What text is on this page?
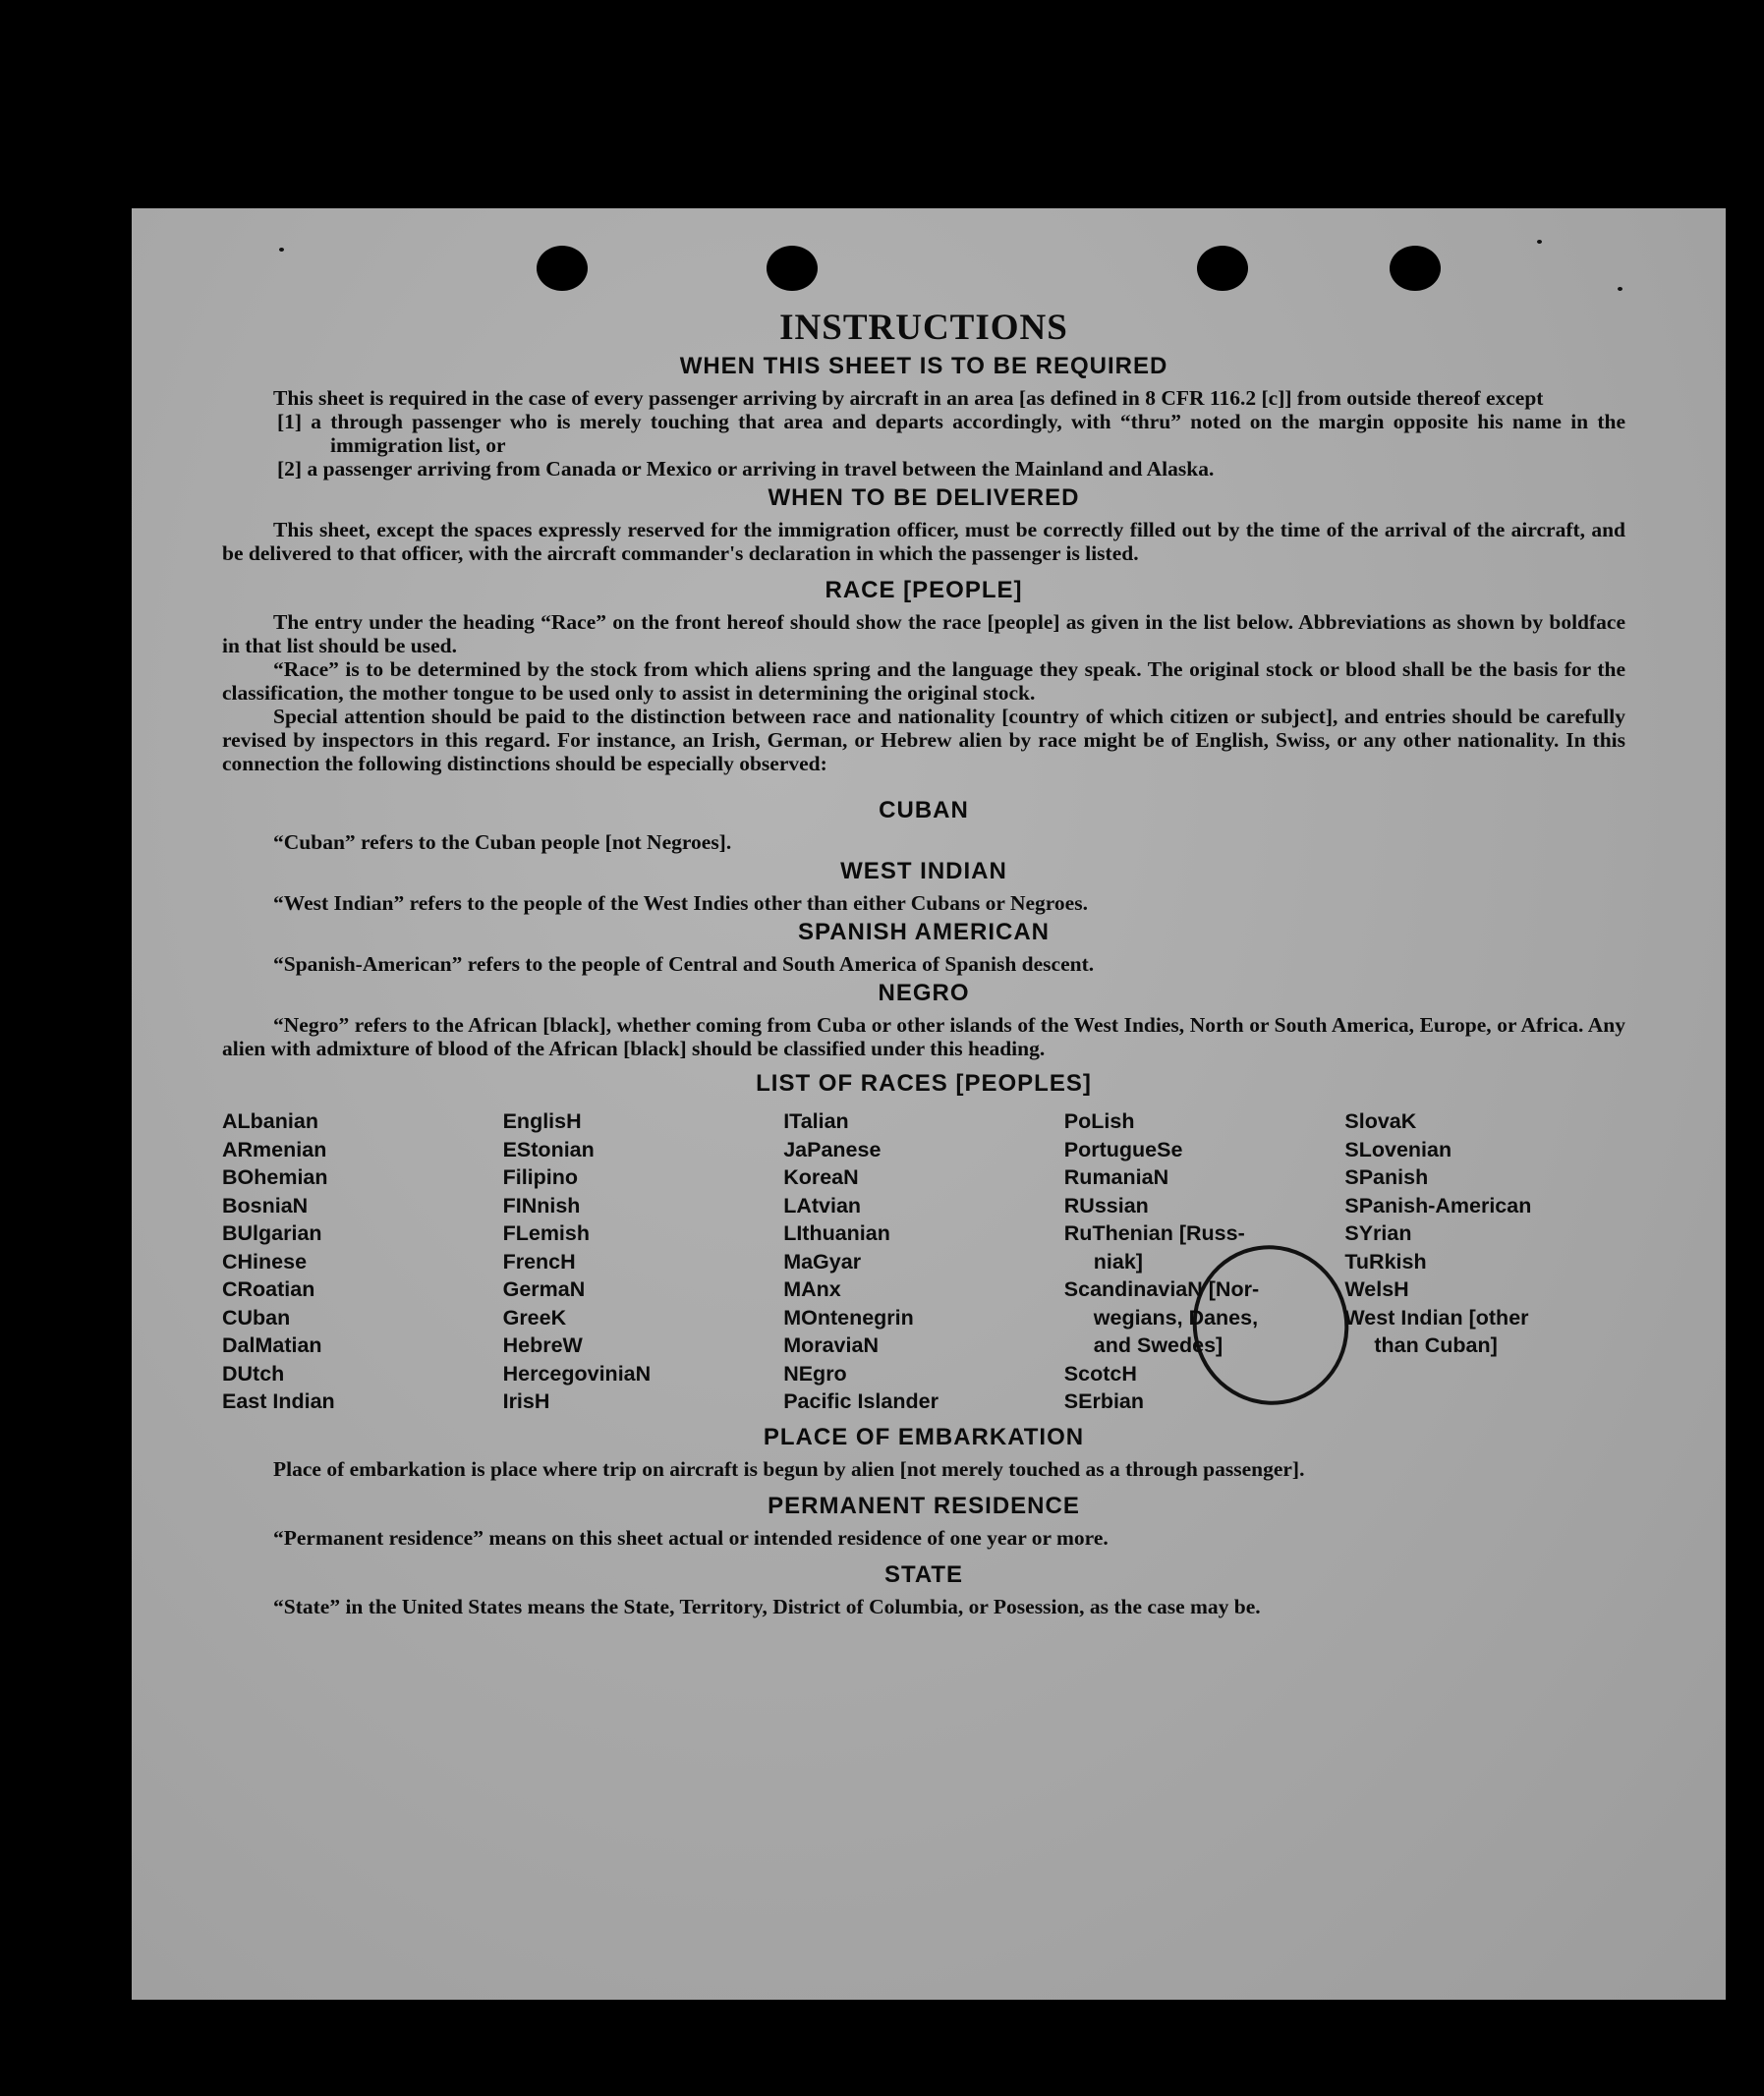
INSTRUCTIONS
WHEN THIS SHEET IS TO BE REQUIRED

This sheet is required in the case of every passenger arriving by aircraft in an area [as defined in 8 CFR 116.2 [c]] from outside thereof except

[1] a through passenger who is merely touching that area and departs accordingly, with “thru” noted on the margin opposite his name in the immigration list, or

[2] a passenger arriving from Canada or Mexico or arriving in travel between the Mainland and Alaska.

WHEN TO BE DELIVERED

This sheet, except the spaces expressly reserved for the immigration officer, must be correctly filled out by the time of the arrival of the aircraft, and be delivered to that officer, with the aircraft commander's declaration in which the passenger is listed.

RACE [PEOPLE]

The entry under the heading “Race” on the front hereof should show the race [people] as given in the list below. Abbreviations as shown by boldface in that list should be used.

“Race” is to be determined by the stock from which aliens spring and the language they speak. The original stock or blood shall be the basis for the classification, the mother tongue to be used only to assist in determining the original stock.

Special attention should be paid to the distinction between race and nationality [country of which citizen or subject], and entries should be carefully revised by inspectors in this regard. For instance, an Irish, German, or Hebrew alien by race might be of English, Swiss, or any other nationality. In this connection the following distinctions should be especially observed:

CUBAN

“Cuban” refers to the Cuban people [not Negroes].

WEST INDIAN

“West Indian” refers to the people of the West Indies other than either Cubans or Negroes.

SPANISH AMERICAN

“Spanish-American” refers to the people of Central and South America of Spanish descent.

NEGRO

“Negro” refers to the African [black], whether coming from Cuba or other islands of the West Indies, North or South America, Europe, or Africa. Any alien with admixture of blood of the African [black] should be classified under this heading.

LIST OF RACES [PEOPLES]
ALbanian
ARmenian
BOhemian
BosniaN
BUlgarian
CHinese
CRoatian
CUban
DalMatian
DUtch
East Indian
EnglisH
EStonian
Filipino
FINnish
FLemish
FrencH
GermaN
GreeK
HebreW
HercegoviniaN
IrisH
ITalian
JaPanese
KoreaN
LAtvian
LIthuanian
MaGyar
MAnx
MOntenegrin
MoraviaN
NEgro
Pacific Islander
PoLish
PortugueSe
RumaniaN
RUssian
RuThenian [Russ-
niak]
ScandinaviaN [Nor-
wegians, Danes,
and Swedes]
ScotcH
SErbian
SlovaK
SLovenian
SPanish
SPanish-American
SYrian
TuRkish
WelsH
West Indian [other
than Cuban]
PLACE OF EMBARKATION

Place of embarkation is place where trip on aircraft is begun by alien [not merely touched as a through passenger].

PERMANENT RESIDENCE

“Permanent residence” means on this sheet actual or intended residence of one year or more.

STATE

“State” in the United States means the State, Territory, District of Columbia, or Posession, as the case may be.
